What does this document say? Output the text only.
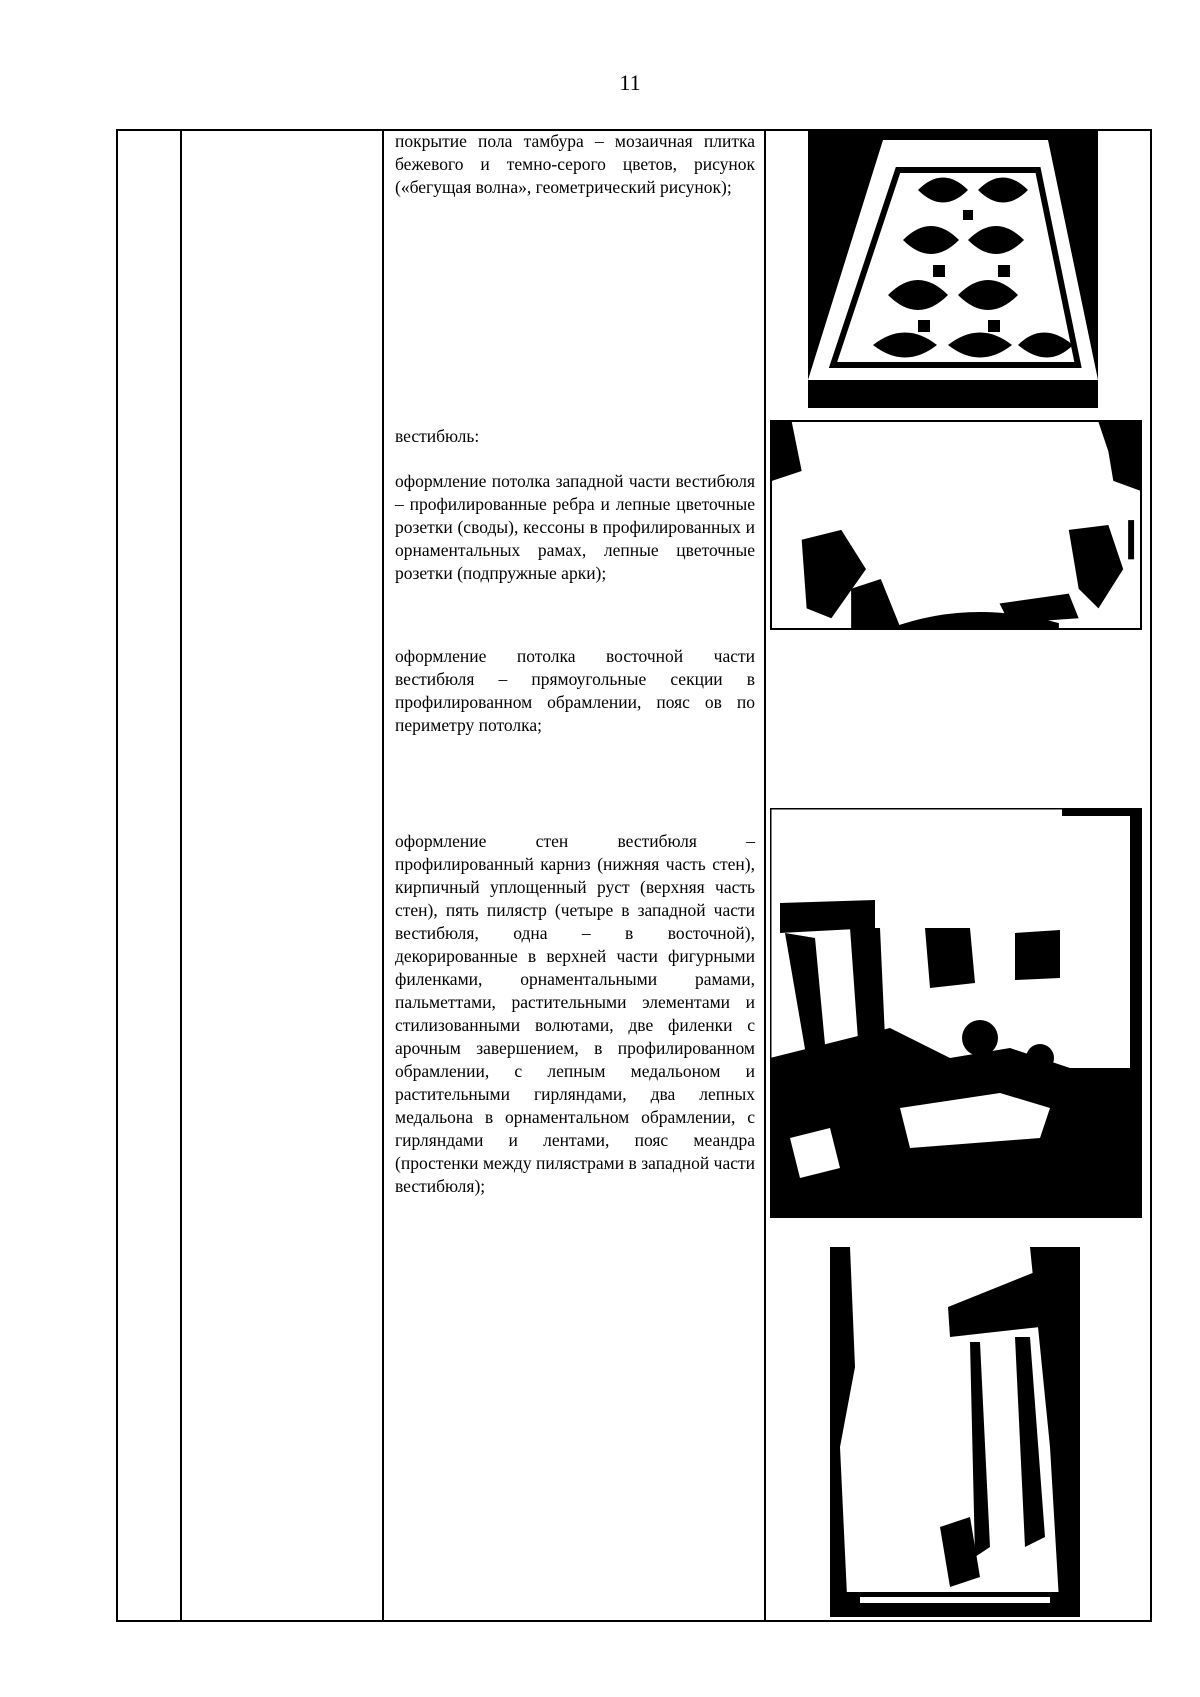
11

покрытие пола тамбура – мозаичная плитка бежевого и темно-серого цветов, рисунок («бегущая волна», геометрический рисунок);

вестибюль:

оформление потолка западной части вестибюля – профилированные ребра и лепные цветочные розетки (своды), кессоны в профилированных и орнаментальных рамах, лепные цветочные розетки (подпружные арки);

оформление потолка восточной части вестибюля – прямоугольные секции в профилированном обрамлении, пояс ов по периметру потолка;

оформление стен вестибюля – профилированный карниз (нижняя часть стен), кирпичный уплощенный руст (верхняя часть стен), пять пилястр (четыре в западной части вестибюля, одна – в восточной), декорированные в верхней части фигурными филенками, орнаментальными рамами, пальметтами, растительными элементами и стилизованными волютами, две филенки с арочным завершением, в профилированном обрамлении, с лепным медальоном и растительными гирляндами, два лепных медальона в орнаментальном обрамлении, с гирляндами и лентами, пояс меандра (простенки между пилястрами в западной части вестибюля);
